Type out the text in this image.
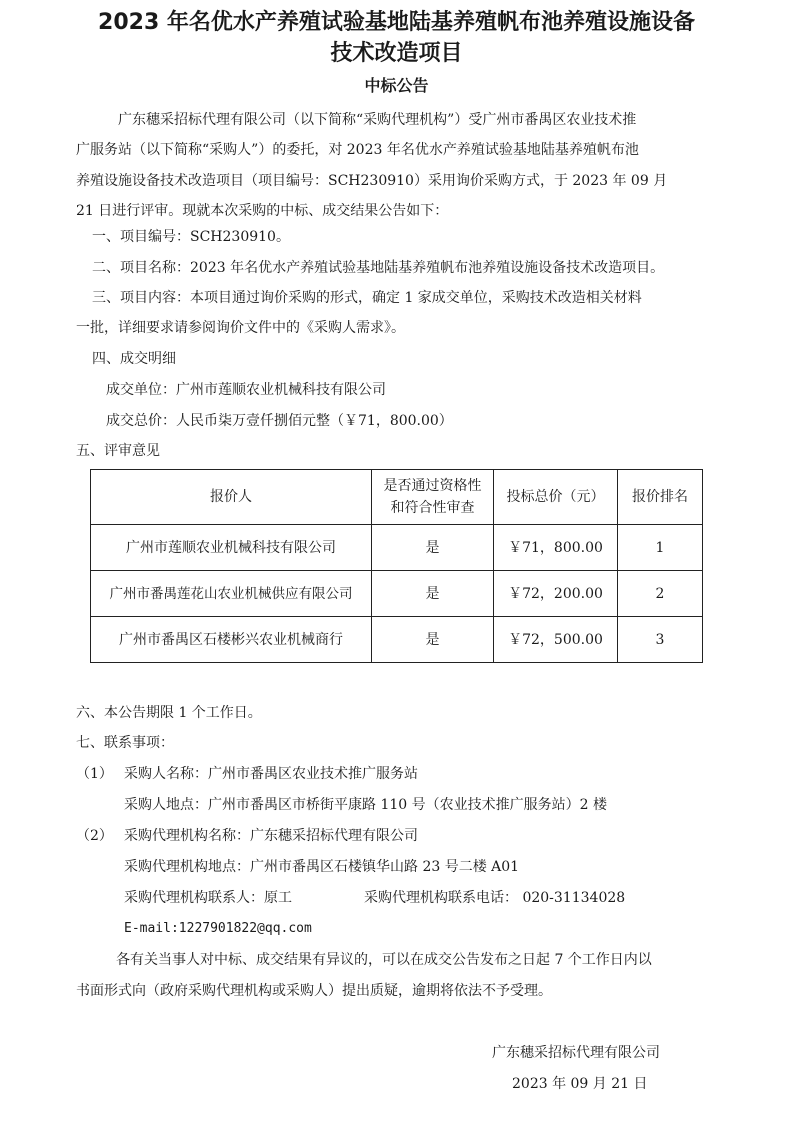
2023 年名优水产养殖试验基地陆基养殖帆布池养殖设施设备
技术改造项目
中标公告
广东穗采招标代理有限公司（以下简称“采购代理机构”）受广州市番禺区农业技术推
广服务站（以下简称“采购人”）的委托，对 2023 年名优水产养殖试验基地陆基养殖帆布池
养殖设施设备技术改造项目（项目编号：SCH230910）采用询价采购方式，于 2023 年 09 月
21 日进行评审。现就本次采购的中标、成交结果公告如下：
一、项目编号：SCH230910。
二、项目名称：2023 年名优水产养殖试验基地陆基养殖帆布池养殖设施设备技术改造项目。
三、项目内容：本项目通过询价采购的形式，确定 1 家成交单位，采购技术改造相关材料
一批，详细要求请参阅询价文件中的《采购人需求》。
四、成交明细
成交单位：广州市莲顺农业机械科技有限公司
成交总价：人民币柒万壹仟捌佰元整（￥71，800.00）
五、评审意见
报价人	是否通过资格性和符合性审查	投标总价（元）	报价排名
广州市莲顺农业机械科技有限公司	是	￥71，800.00	1
广州市番禺莲花山农业机械供应有限公司	是	￥72，200.00	2
广州市番禺区石楼彬兴农业机械商行	是	￥72，500.00	3
六、本公告期限 1 个工作日。
七、联系事项：
（1） 采购人名称：广州市番禺区农业技术推广服务站
采购人地点：广州市番禺区市桥街平康路 110 号（农业技术推广服务站）2 楼
（2） 采购代理机构名称：广东穗采招标代理有限公司
采购代理机构地点：广州市番禺区石楼镇华山路 23 号二楼 A01
采购代理机构联系人：原工	采购代理机构联系电话： 020-31134028
E-mail:1227901822@qq.com
各有关当事人对中标、成交结果有异议的，可以在成交公告发布之日起 7 个工作日内以
书面形式向（政府采购代理机构或采购人）提出质疑，逾期将依法不予受理。
广东穗采招标代理有限公司
2023 年 09 月 21 日
